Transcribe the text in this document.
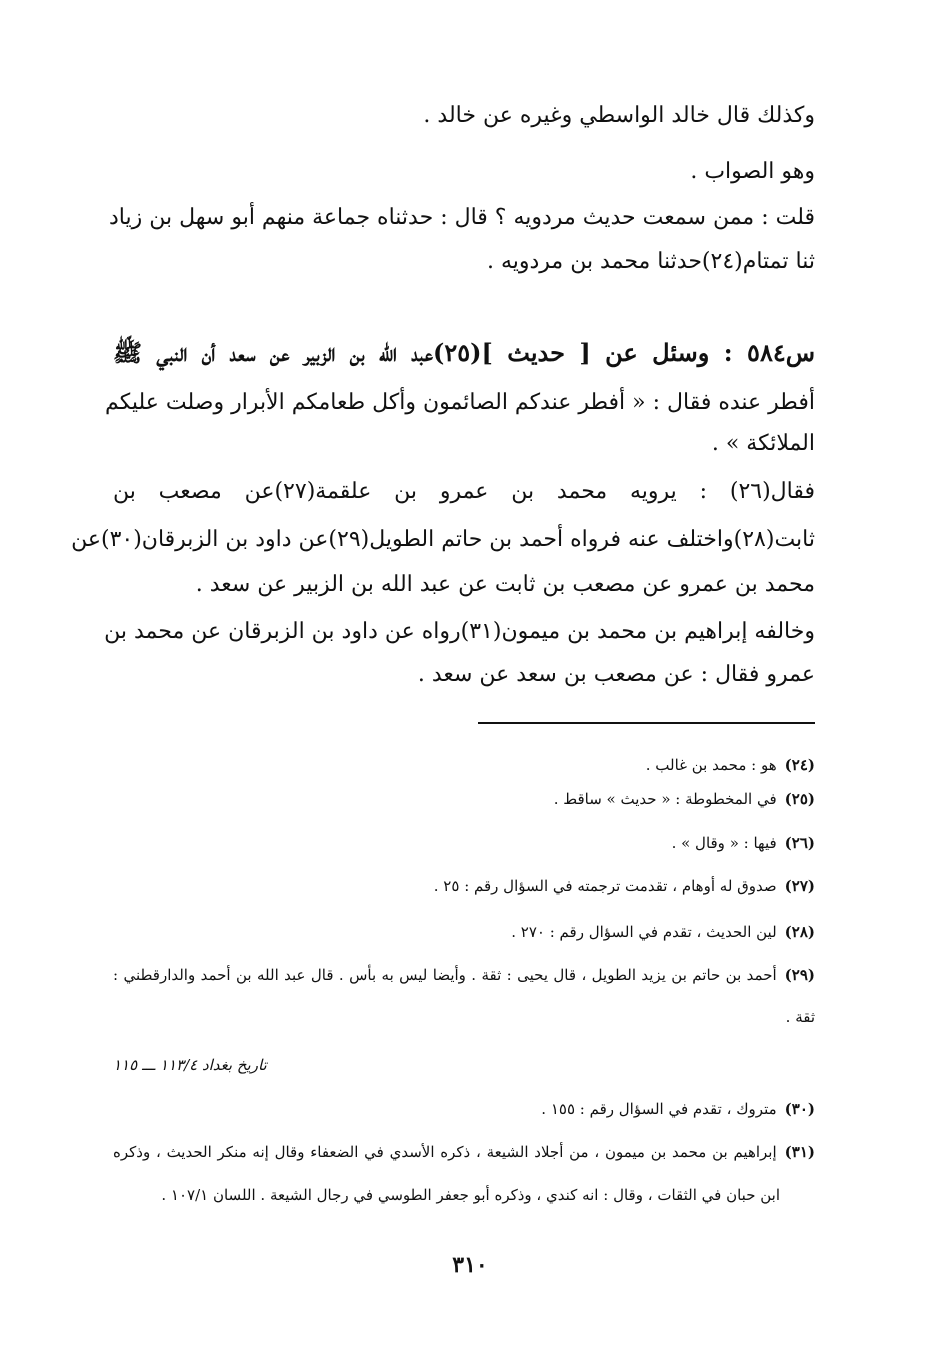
وكذلك قال خالد الواسطي وغيره عن خالد .
وهو الصواب .
قلت : ممن سمعت حديث مردويه ؟ قال : حدثناه جماعة منهم أبو سهل بن زياد
ثنا تمتام(٢٤)حدثنا محمد بن مردويه .
س٥٨٤ : وسئل عن [ حديث ](٢٥)عبد الله بن الزبير عن سعد أن النبي ﷺ
أفطر عنده فقال : « أفطر عندكم الصائمون وأكل طعامكم الأبرار وصلت عليكم
الملائكة » .
فقال(٢٦) : يرويه محمد بن عمرو بن علقمة(٢٧)عن مصعب بن
ثابت(٢٨)واختلف عنه فرواه أحمد بن حاتم الطويل(٢٩)عن داود بن الزبرقان(٣٠)عن
محمد بن عمرو عن مصعب بن ثابت عن عبد الله بن الزبير عن سعد .
وخالفه إبراهيم بن محمد بن ميمون(٣١)رواه عن داود بن الزبرقان عن محمد بن
عمرو فقال : عن مصعب بن سعد عن سعد .
(٢٤)هو : محمد بن غالب .
(٢٥)في المخطوطة : « حديث » ساقط .
(٢٦)فيها : « وقال » .
(٢٧)صدوق له أوهام ، تقدمت ترجمته في السؤال رقم : ٢٥ .
(٢٨)لين الحديث ، تقدم في السؤال رقم : ٢٧٠ .
(٢٩)أحمد بن حاتم بن يزيد الطويل ، قال يحيى : ثقة . وأيضا ليس به بأس . قال عبد الله بن أحمد والدارقطني :
ثقة .
تاريخ بغداد ١١٣/٤ ـــ ١١٥
(٣٠)متروك ، تقدم في السؤال رقم : ١٥٥ .
(٣١)إبراهيم بن محمد بن ميمون ، من أجلاد الشيعة ، ذكره الأسدي في الضعفاء وقال إنه منكر الحديث ، وذكره
ابن حبان في الثقات ، وقال : انه كندي ، وذكره أبو جعفر الطوسي في رجال الشيعة . اللسان ١٠٧/١ .
٣١٠
